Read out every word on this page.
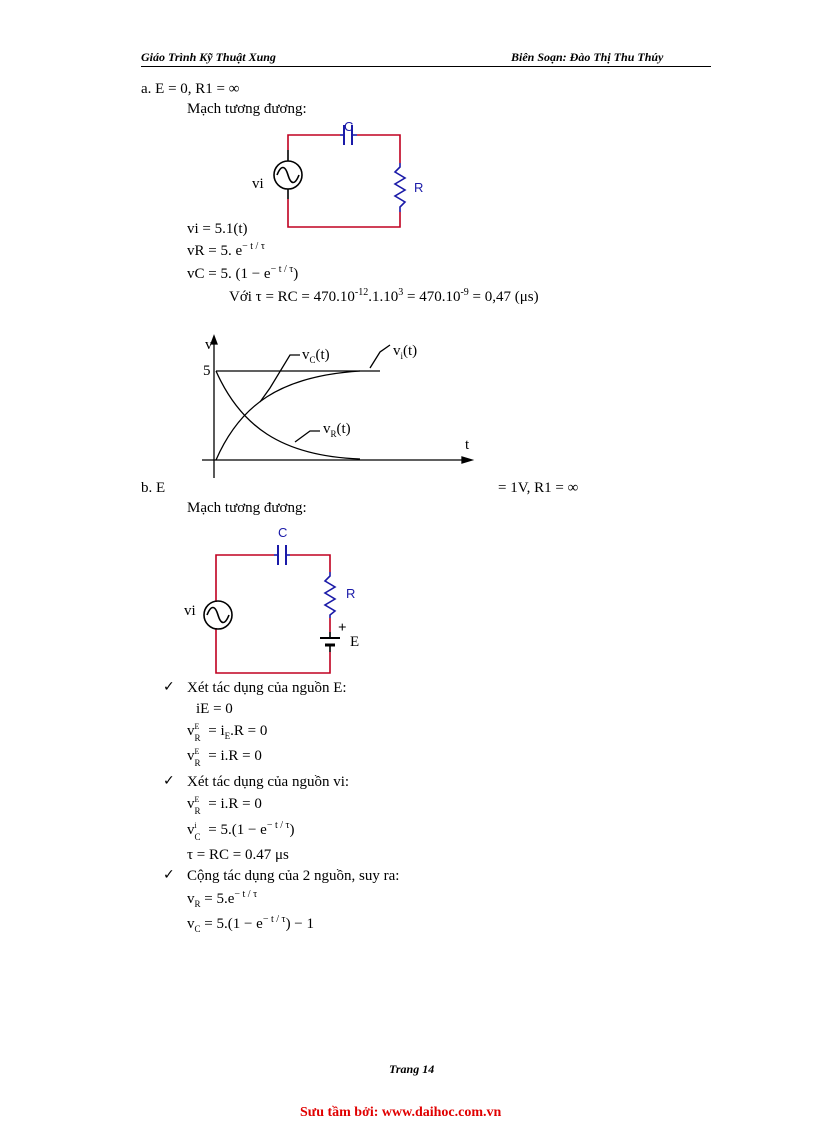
Giáo Trình Kỹ Thuật Xung	Biên Soạn: Đào Thị Thu Thúy
a. E = 0, R1 = ∞
Mạch tương đương:
C
R
vi
vi = 5.1(t)
vR = 5. $e^{- t / \tau}$
vC = 5. $(1 - e^{- t / \tau})$
Với τ = RC = $470.10^{-12}.1.10^3 = 470.10^{-9} = 0,47$ (μs)
v
5
t
$v_C(t)$	$v_i(t)$
$v_R(t)$
b. E	= 1V, R1 = ∞
Mạch tương đương:
C
R
vi
+
E
✓ Xét tác dụng của nguồn E:
iE = 0
v E
$R = i_E.R = 0$
v E
R = i.R = 0
✓ Xét tác dụng của nguồn vi:
v E
R = i.R = 0
v i
$C = 5.(1 - e^{- t / \tau})$
τ = RC = 0.47 μs
✓ Cộng tác dụng của 2 nguồn, suy ra:
$v_R = 5.e^{- t / \tau}$
$v_C = 5.(1 - e^{- t / \tau}) - 1$
Trang 14
Sưu tầm bởi: www.daihoc.com.vn
